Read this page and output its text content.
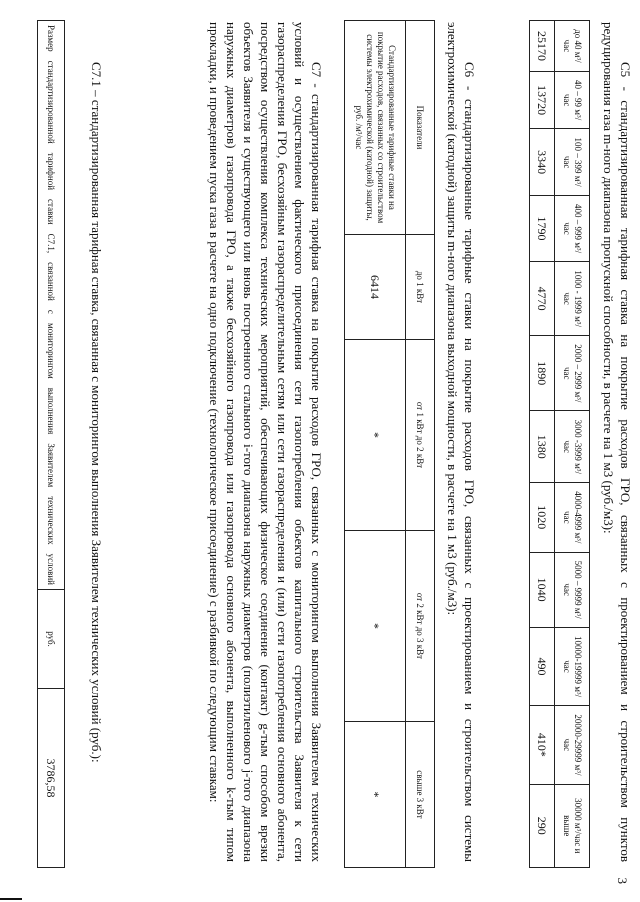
3

С5 - стандартизированная тарифная ставка на покрытие расходов ГРО, связанных с проектированием и строительством пунктов редуцирования газа m-ного диапазона пропускной способности, в расчете на 1 м3 (руб./м3):

до 40 м³/час	40 – 99 м³/час	100 – 399 м³/час	400 – 999 м³/час	1000 - 1999 м³/час	2000 – 2999 м³/час	3000 -3999 м³/час	4000-4999 м³/час	5000 – 9999 м³/час	10000-19999 м³/час	20000-29999 м³/час	30000 м³/час и выше
25170	13720	3340	1790	4770	1890	1380	1020	1040	490	410*	290

С6 - стандартизированные тарифные ставки на покрытие расходов ГРО, связанных с проектированием и строительством системы электрохимической (катодной) защиты m-ного диапазона выходной мощности, в расчете на 1 м3 (руб./м3):

Показатели	до 1 кВт	от 1 кВт до 2 кВт	от 2 кВт до 3 кВт	свыше 3 кВт
Стандартизированные тарифные ставки на покрытие расходов, связанных со строительством системы электрохимической (катодной) защиты, руб. /м³/час	6414	*	*	*

С7 - стандартизированная тарифная ставка на покрытие расходов ГРО, связанных с мониторингом выполнения Заявителем технических условий и осуществлением фактического присоединения сети газопотребления объектов капитального строительства Заявителя к сети газораспределения ГРО, бесхозяйным газораспределительным сетям или сети газораспределения и (или) сети газопотребления основного абонента, посредством осуществления комплекса технических мероприятий, обеспечивающих физическое соединение (контакт) g-тым способом врезки объектов Заявителя и существующего или вновь построенного стального i-того диапазона наружных диаметров (полиэтиленового j-того диапазона наружных диаметров) газопровода ГРО, а также бесхозяйного газопровода или газопровода основного абонента, выполненного k-тым типом прокладки, и проведением пуска газа в расчете на одно подключение (технологическое присоединение) с разбивкой по следующим ставкам:

С7.1 – стандартизированная тарифная ставка, связанная с мониторингом выполнения Заявителем технических условий (руб.):

Размер стандартизированной тарифной ставки С7.1, связанной с мониторингом выполнения Заявителем технических условий	руб.	3786,58
